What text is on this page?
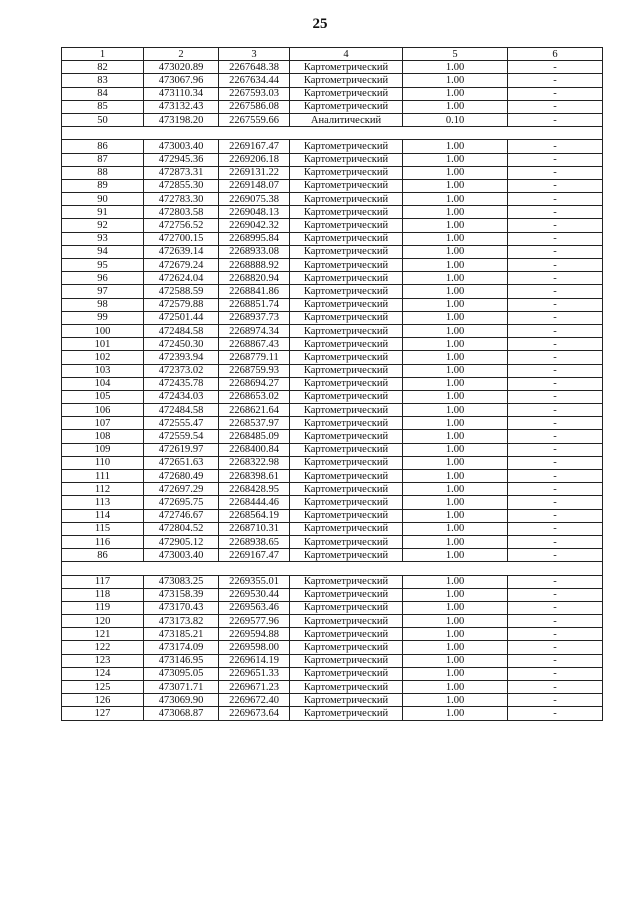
25
1	2	3	4	5	6
82	473020.89	2267648.38	Картометрический	1.00	-
83	473067.96	2267634.44	Картометрический	1.00	-
84	473110.34	2267593.03	Картометрический	1.00	-
85	473132.43	2267586.08	Картометрический	1.00	-
50	473198.20	2267559.66	Аналитический	0.10	-

86	473003.40	2269167.47	Картометрический	1.00	-
87	472945.36	2269206.18	Картометрический	1.00	-
88	472873.31	2269131.22	Картометрический	1.00	-
89	472855.30	2269148.07	Картометрический	1.00	-
90	472783.30	2269075.38	Картометрический	1.00	-
91	472803.58	2269048.13	Картометрический	1.00	-
92	472756.52	2269042.32	Картометрический	1.00	-
93	472700.15	2268995.84	Картометрический	1.00	-
94	472639.14	2268933.08	Картометрический	1.00	-
95	472679.24	2268888.92	Картометрический	1.00	-
96	472624.04	2268820.94	Картометрический	1.00	-
97	472588.59	2268841.86	Картометрический	1.00	-
98	472579.88	2268851.74	Картометрический	1.00	-
99	472501.44	2268937.73	Картометрический	1.00	-
100	472484.58	2268974.34	Картометрический	1.00	-
101	472450.30	2268867.43	Картометрический	1.00	-
102	472393.94	2268779.11	Картометрический	1.00	-
103	472373.02	2268759.93	Картометрический	1.00	-
104	472435.78	2268694.27	Картометрический	1.00	-
105	472434.03	2268653.02	Картометрический	1.00	-
106	472484.58	2268621.64	Картометрический	1.00	-
107	472555.47	2268537.97	Картометрический	1.00	-
108	472559.54	2268485.09	Картометрический	1.00	-
109	472619.97	2268400.84	Картометрический	1.00	-
110	472651.63	2268322.98	Картометрический	1.00	-
111	472680.49	2268398.61	Картометрический	1.00	-
112	472697.29	2268428.95	Картометрический	1.00	-
113	472695.75	2268444.46	Картометрический	1.00	-
114	472746.67	2268564.19	Картометрический	1.00	-
115	472804.52	2268710.31	Картометрический	1.00	-
116	472905.12	2268938.65	Картометрический	1.00	-
86	473003.40	2269167.47	Картометрический	1.00	-

117	473083.25	2269355.01	Картометрический	1.00	-
118	473158.39	2269530.44	Картометрический	1.00	-
119	473170.43	2269563.46	Картометрический	1.00	-
120	473173.82	2269577.96	Картометрический	1.00	-
121	473185.21	2269594.88	Картометрический	1.00	-
122	473174.09	2269598.00	Картометрический	1.00	-
123	473146.95	2269614.19	Картометрический	1.00	-
124	473095.05	2269651.33	Картометрический	1.00	-
125	473071.71	2269671.23	Картометрический	1.00	-
126	473069.90	2269672.40	Картометрический	1.00	-
127	473068.87	2269673.64	Картометрический	1.00	-
